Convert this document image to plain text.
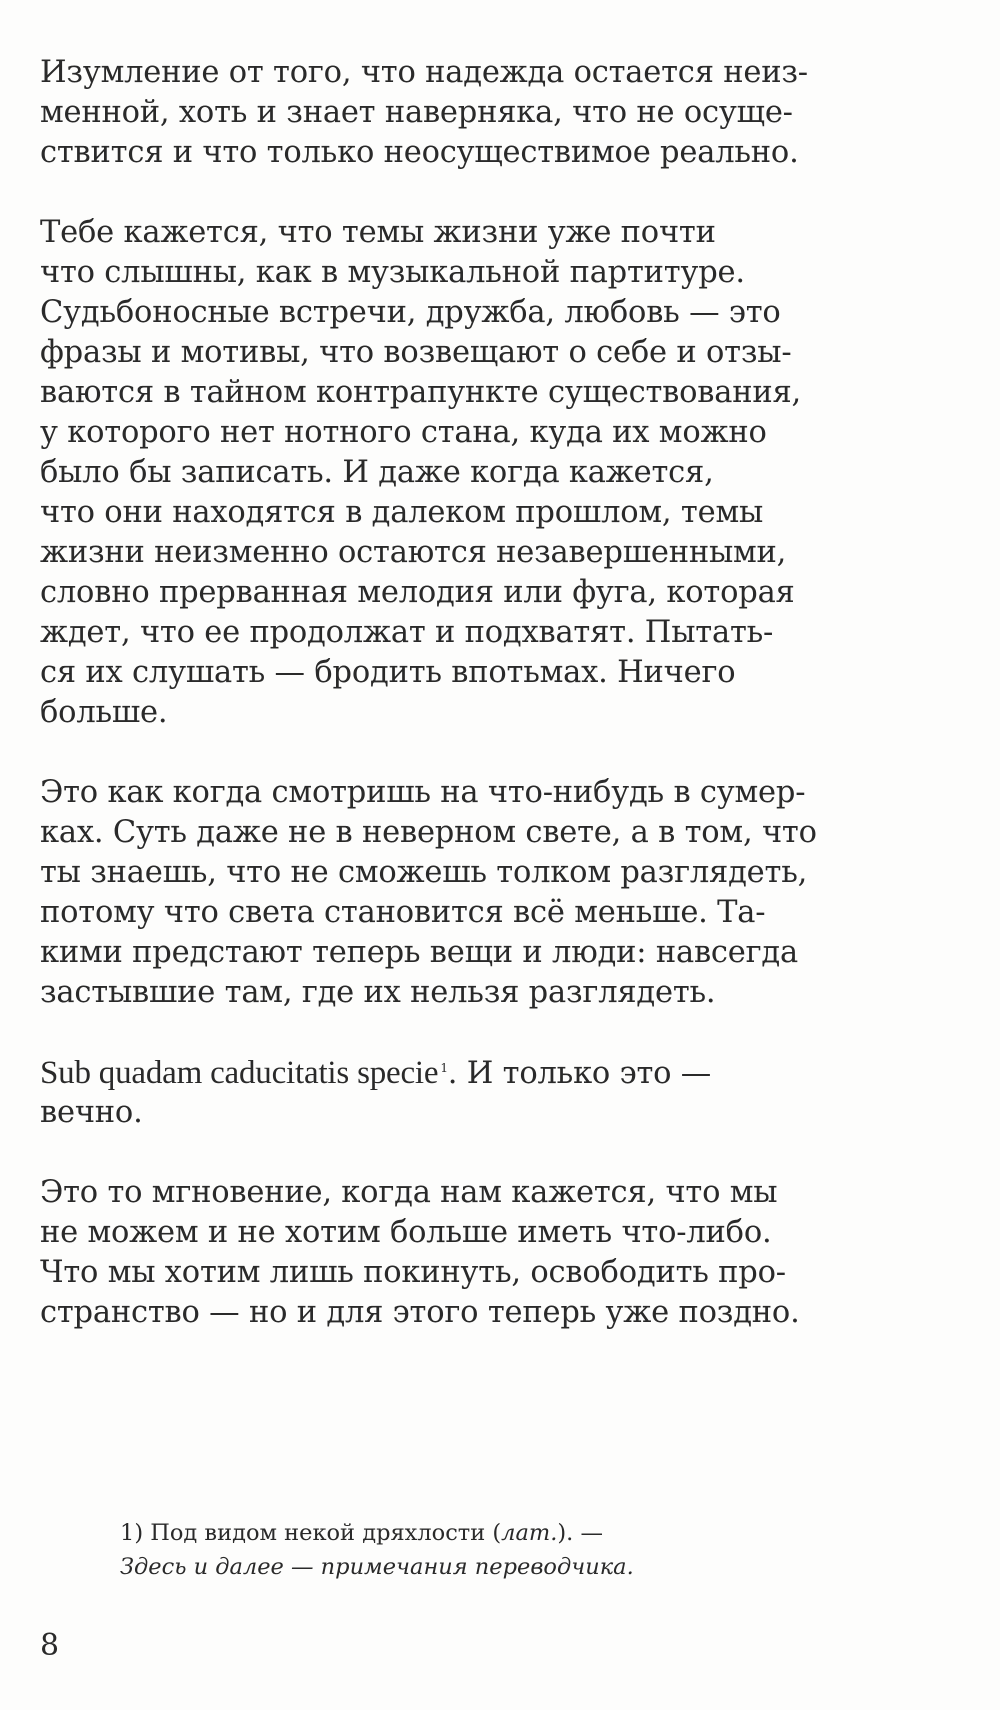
Изумление от того, что надежда остается неиз-
менной, хоть и знает наверняка, что не осуще-
ствится и что только неосуществимое реально.
Тебе кажется, что темы жизни уже почти
что слышны, как в музыкальной партитуре.
Судьбоносные встречи, дружба, любовь — это
фразы и мотивы, что возвещают о себе и отзы-
ваются в тайном контрапункте существования,
у которого нет нотного стана, куда их можно
было бы записать. И даже когда кажется,
что они находятся в далеком прошлом, темы
жизни неизменно остаются незавершенными,
словно прерванная мелодия или фуга, которая
ждет, что ее продолжат и подхватят. Пытать-
ся их слушать — бродить впотьмах. Ничего
больше.
Это как когда смотришь на что-нибудь в сумер-
ках. Суть даже не в неверном свете, а в том, что
ты знаешь, что не сможешь толком разглядеть,
потому что света становится всё меньше. Та-
кими предстают теперь вещи и люди: навсегда
застывшие там, где их нельзя разглядеть.
Sub quadam caducitatis specie $^1$. И только это —
вечно.
Это то мгновение, когда нам кажется, что мы
не можем и не хотим больше иметь что-либо.
Что мы хотим лишь покинуть, освободить про-
странство — но и для этого теперь уже поздно.
1) Под видом некой дряхлости (лат.). —
Здесь и далее — примечания переводчика.
8
